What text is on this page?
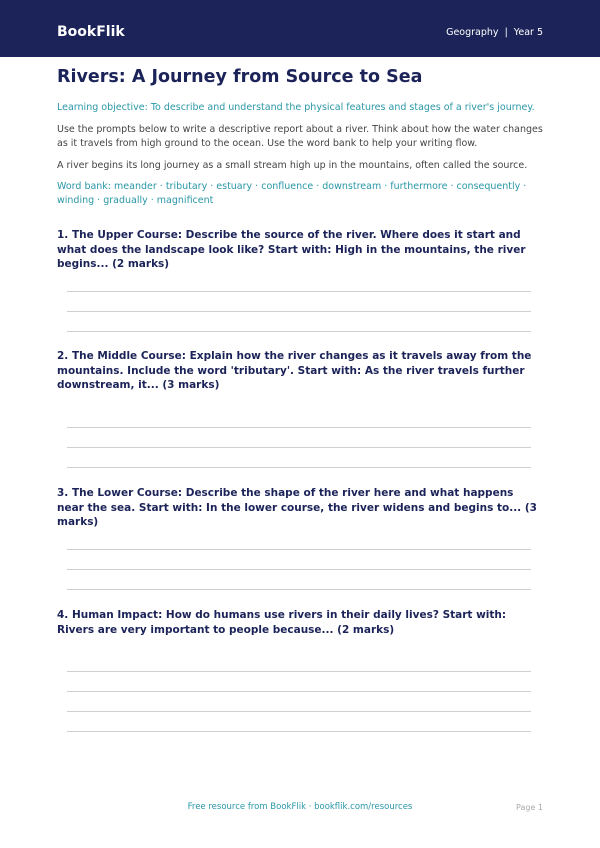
BookFlik	Geography  |  Year 5
Rivers: A Journey from Source to Sea

Learning objective: To describe and understand the physical features and stages of a river's journey.

Use the prompts below to write a descriptive report about a river. Think about how the water changes as it travels from high ground to the ocean. Use the word bank to help your writing flow.

A river begins its long journey as a small stream high up in the mountains, often called the source.

Word bank: meander · tributary · estuary · confluence · downstream · furthermore · consequently · winding · gradually · magnificent

1. The Upper Course: Describe the source of the river. Where does it start and what does the landscape look like? Start with: High in the mountains, the river begins... (2 marks)
2. The Middle Course: Explain how the river changes as it travels away from the mountains. Include the word 'tributary'. Start with: As the river travels further downstream, it... (3 marks)
3. The Lower Course: Describe the shape of the river here and what happens near the sea. Start with: In the lower course, the river widens and begins to... (3 marks)
4. Human Impact: How do humans use rivers in their daily lives? Start with: Rivers are very important to people because... (2 marks)
Free resource from BookFlik · bookflik.com/resources	Page 1
